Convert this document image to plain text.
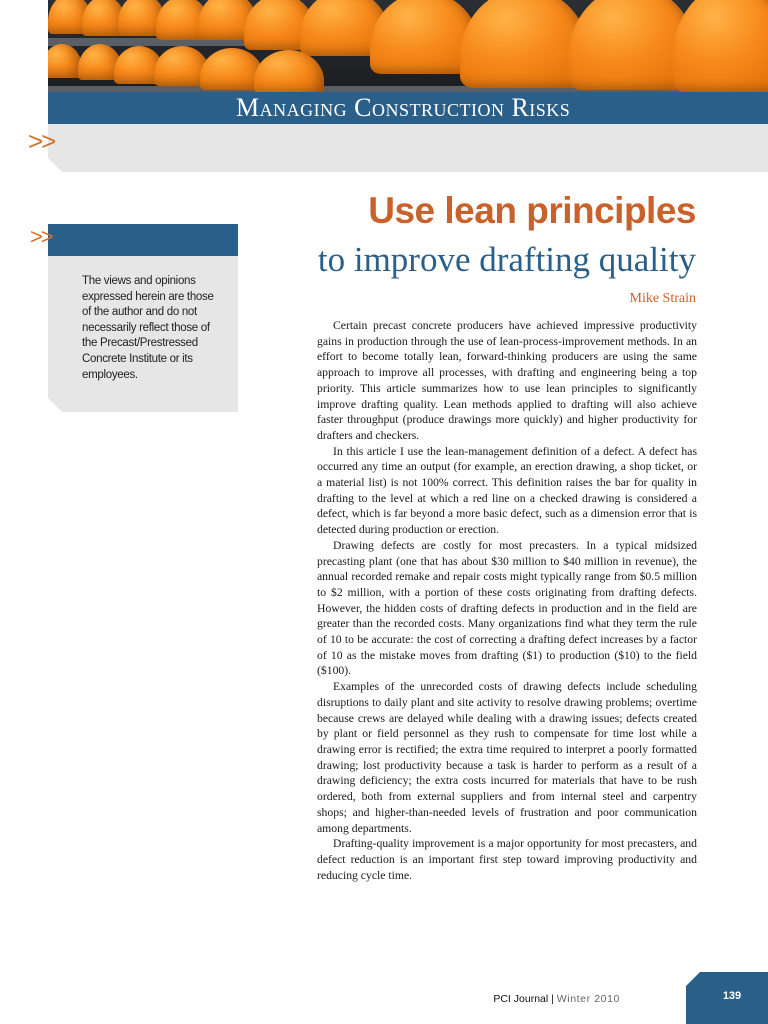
Managing Construction Risks
>>
>>
The views and opinions expressed herein are those of the author and do not necessarily reflect those of the Precast/Prestressed Concrete Institute or its employees.
Use lean principles
to improve drafting quality
Mike Strain

Certain precast concrete producers have achieved impressive productivity gains in production through the use of lean-process-improvement methods. In an effort to become totally lean, forward-thinking producers are using the same approach to improve all processes, with drafting and engineering being a top priority. This article summarizes how to use lean principles to significantly improve drafting quality. Lean methods applied to drafting will also achieve faster throughput (produce drawings more quickly) and higher productivity for drafters and checkers.

In this article I use the lean-management definition of a defect. A defect has occurred any time an output (for example, an erection drawing, a shop ticket, or a material list) is not 100% correct. This definition raises the bar for quality in drafting to the level at which a red line on a checked drawing is considered a defect, which is far beyond a more basic defect, such as a dimension error that is detected during production or erection.

Drawing defects are costly for most precasters. In a typical midsized precasting plant (one that has about $30 million to $40 million in revenue), the annual recorded remake and repair costs might typically range from $0.5 million to $2 million, with a portion of these costs originating from drafting defects. However, the hidden costs of drafting defects in production and in the field are greater than the recorded costs. Many organizations find what they term the rule of 10 to be accurate: the cost of correcting a drafting defect increases by a factor of 10 as the mistake moves from drafting ($1) to production ($10) to the field ($100).

Examples of the unrecorded costs of drawing defects include scheduling disruptions to daily plant and site activity to resolve drawing problems; overtime because crews are delayed while dealing with a drawing issues; defects created by plant or field personnel as they rush to compensate for time lost while a drawing error is rectified; the extra time required to interpret a poorly formatted drawing; lost productivity because a task is harder to perform as a result of a drawing deficiency; the extra costs incurred for materials that have to be rush ordered, both from external suppliers and from internal steel and carpentry shops; and higher-than-needed levels of frustration and poor communication among departments.

Drafting-quality improvement is a major opportunity for most precasters, and defect reduction is an important first step toward improving productivity and reducing cycle time.

PCI Journal | Winter 2010	139
